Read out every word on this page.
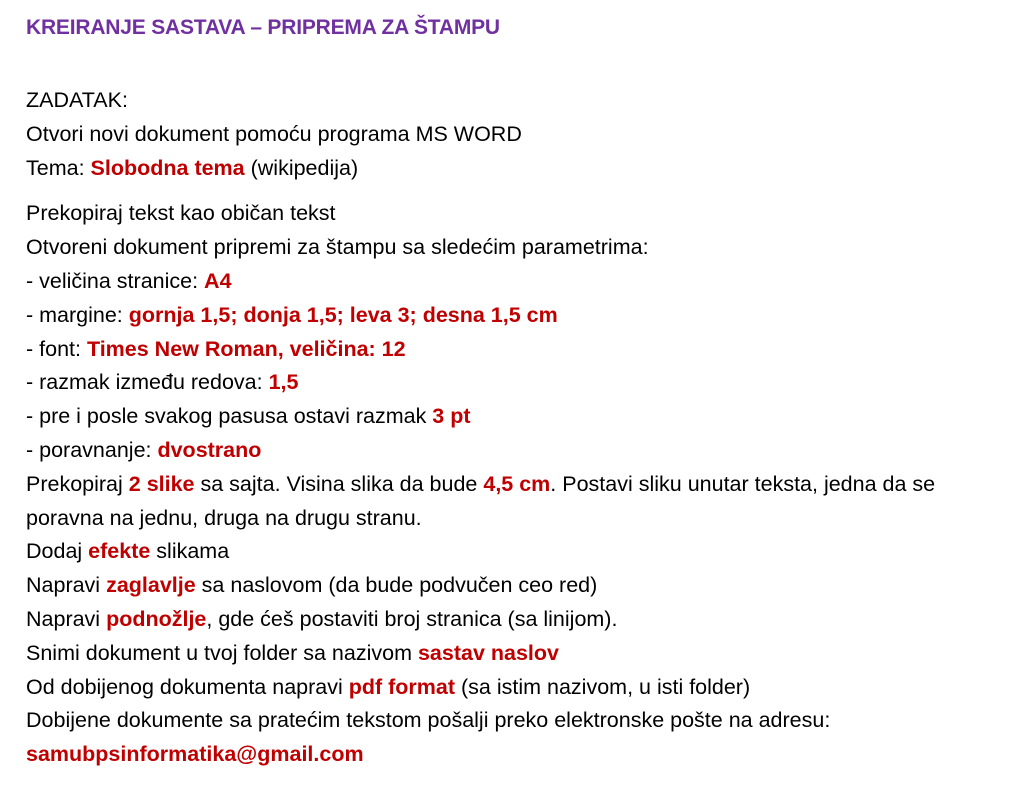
KREIRANJE SASTAVA – PRIPREMA ZA ŠTAMPU
ZADATAK:
Otvori novi dokument pomoću programa MS WORD
Tema: Slobodna tema (wikipedija)
Prekopiraj tekst kao običan tekst
Otvoreni dokument pripremi za štampu sa sledećim parametrima:
- veličina stranice: A4
- margine: gornja 1,5; donja 1,5; leva 3; desna 1,5 cm
- font: Times New Roman, veličina: 12
- razmak između redova: 1,5
- pre i posle svakog pasusa ostavi razmak 3 pt
- poravnanje: dvostrano
Prekopiraj 2 slike sa sajta. Visina slika da bude 4,5 cm. Postavi sliku unutar teksta, jedna da se poravna na jednu, druga na drugu stranu.
Dodaj efekte slikama
Napravi zaglavlje sa naslovom (da bude podvučen ceo red)
Napravi podnožlje, gde ćeš postaviti broj stranica (sa linijom).
Snimi dokument u tvoj folder sa nazivom sastav naslov
Od dobijenog dokumenta napravi pdf format (sa istim nazivom, u isti folder)
Dobijene dokumente sa pratećim tekstom pošalji preko elektronske pošte na adresu:
samubpsinformatika@gmail.com
